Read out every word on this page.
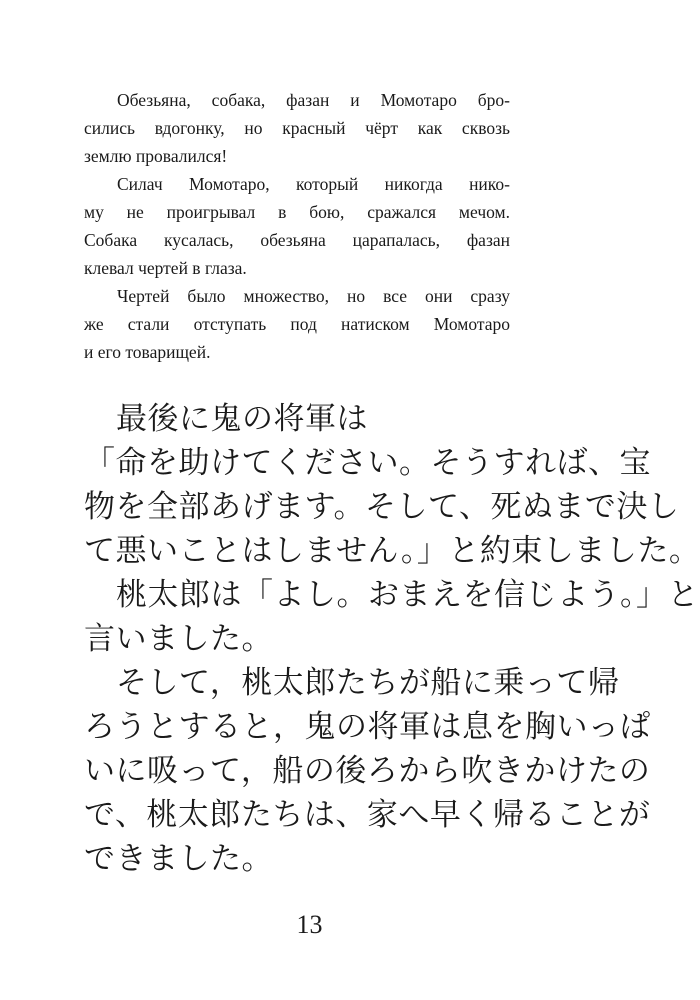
Обезьяна, собака, фазан и Момотаро бро-
сились вдогонку, но красный чёрт как сквозь
землю провалился!
Силач Момотаро, который никогда нико-
му не проигрывал в бою, сражался мечом.
Собака кусалась, обезьяна царапалась, фазан
клевал чертей в глаза.
Чертей было множество, но все они сразу
же стали отступать под натиском Момотаро
и его товарищей.
最後に鬼の将軍は
「命を助けてください。そうすれば、宝
物を全部あげます。そして、死ぬまで決し
て悪いことはしません。」と約束しました。
桃太郎は「よし。おまえを信じよう。」と
言いました。
そして，桃太郎たちが船に乗って帰
ろうとすると，鬼の将軍は息を胸いっぱ
いに吸って，船の後ろから吹きかけたの
で、桃太郎たちは、家へ早く帰ることが
できました。
13
